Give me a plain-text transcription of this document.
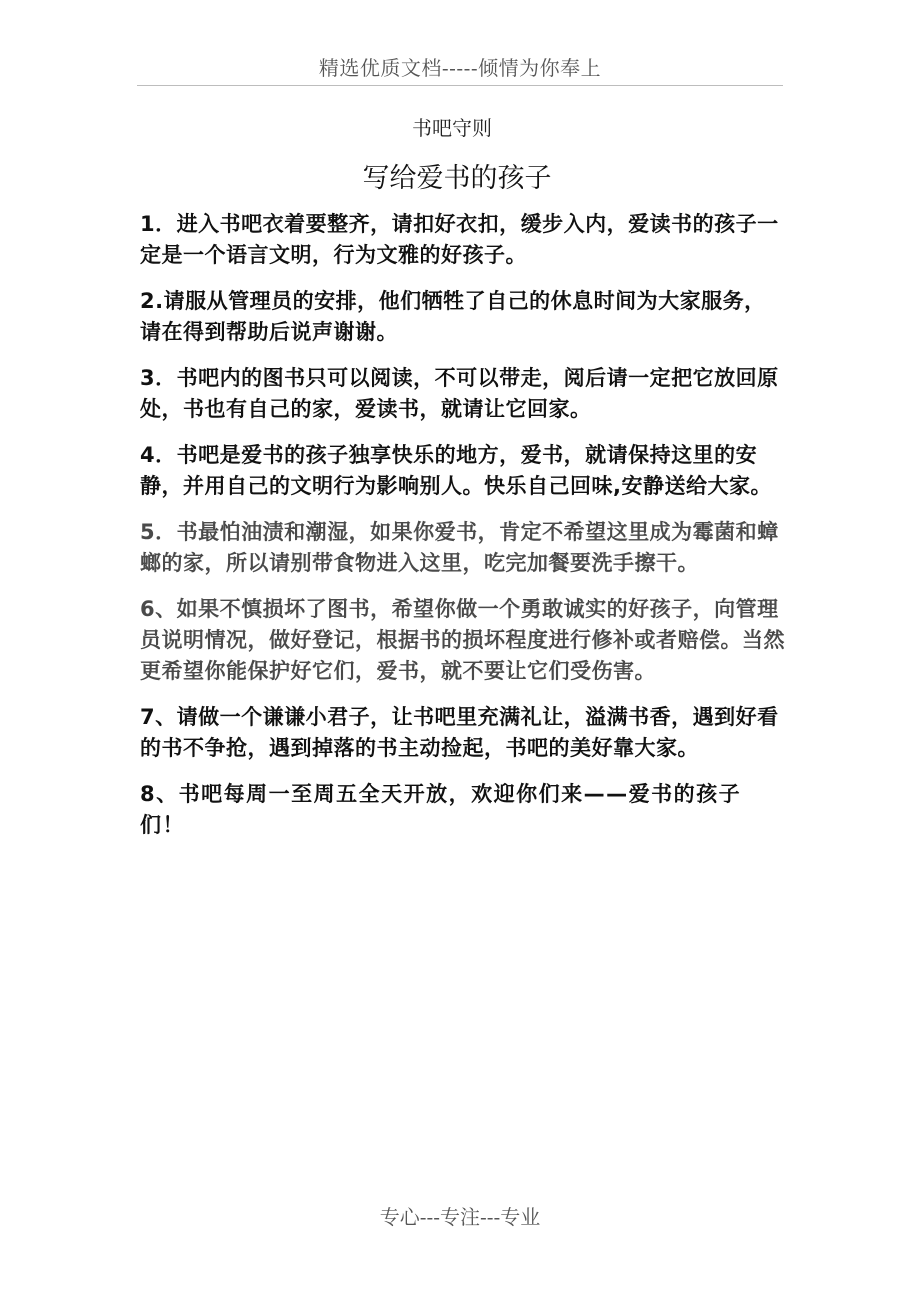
精选优质文档-----倾情为你奉上
书吧守则
写给爱书的孩子

1．进入书吧衣着要整齐，请扣好衣扣，缓步入内，爱读书的孩子一定是一个语言文明，行为文雅的好孩子。

2.请服从管理员的安排，他们牺牲了自己的休息时间为大家服务，请在得到帮助后说声谢谢。

3．书吧内的图书只可以阅读，不可以带走，阅后请一定把它放回原处，书也有自己的家，爱读书，就请让它回家。

4．书吧是爱书的孩子独享快乐的地方，爱书，就请保持这里的安静，并用自己的文明行为影响别人。快乐自己回味,安静送给大家。

5．书最怕油渍和潮湿，如果你爱书，肯定不希望这里成为霉菌和蟑螂的家，所以请别带食物进入这里，吃完加餐要洗手擦干。

6、如果不慎损坏了图书，希望你做一个勇敢诚实的好孩子，向管理员说明情况，做好登记，根据书的损坏程度进行修补或者赔偿。当然更希望你能保护好它们，爱书，就不要让它们受伤害。

7、请做一个谦谦小君子，让书吧里充满礼让，溢满书香，遇到好看的书不争抢，遇到掉落的书主动捡起，书吧的美好靠大家。

8、书吧每周一至周五全天开放，欢迎你们来——爱书的孩子们！

专心---专注---专业
